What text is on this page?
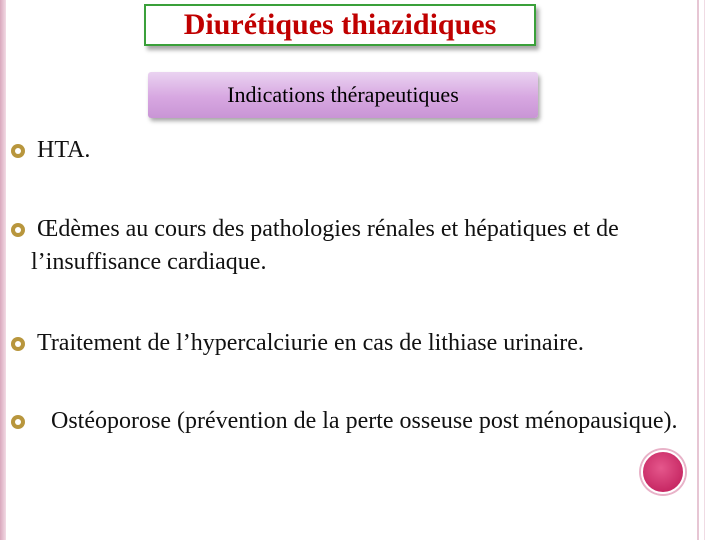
Diurétiques thiazidiques
Indications thérapeutiques
HTA.
Œdèmes au cours des pathologies rénales et hépatiques et de l’insuffisance cardiaque.
Traitement de l’hypercalciurie en cas de lithiase urinaire.
Ostéoporose (prévention de la perte osseuse post ménopausique).
